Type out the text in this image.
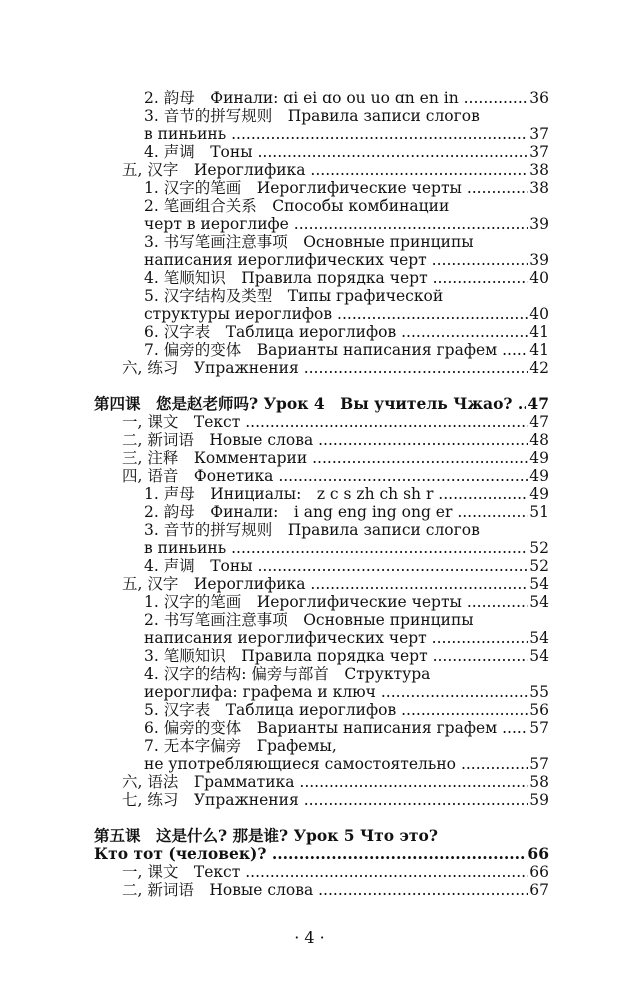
2. 韵母　Финали: ɑi ei ɑo ou uo ɑn en in .....	36
3. 音节的拼写规则　Правила записи слогов
в пиньинь .....	37
4. 声调　Тоны .....	37
五, 汉字　Иероглифика .....	38
1. 汉字的笔画　Иероглифические черты .....	38
2. 笔画组合关系　Способы комбинации
черт в иероглифе .....	39
3. 书写笔画注意事项　Основные принципы
написания иероглифических черт .....	39
4. 笔顺知识　Правила порядка черт .....	40
5. 汉字结构及类型　Типы графической
структуры иероглифов .....	40
6. 汉字表　Таблица иероглифов .....	41
7. 偏旁的变体　Варианты написания графем .....	41
六, 练习　Упражнения .....	42
第四课　您是赵老师吗? Урок 4　Вы учитель Чжао? ..... 47
一, 课文　Текст .....	47
二, 新词语　Новые слова .....	48
三, 注释　Комментарии .....	49
四, 语音　Фонетика .....	49
1. 声母　Инициалы:　z c s zh ch sh r .....	49
2. 韵母　Финали:　i ang eng ing ong er .....	51
3. 音节的拼写规则　Правила записи слогов
в пиньинь .....	52
4. 声调　Тоны .....	52
五, 汉字　Иероглифика .....	54
1. 汉字的笔画　Иероглифические черты .....	54
2. 书写笔画注意事项　Основные принципы
написания иероглифических черт .....	54
3. 笔顺知识　Правила порядка черт .....	54
4. 汉字的结构: 偏旁与部首　Структура
иероглифа: графема и ключ .....	55
5. 汉字表　Таблица иероглифов .....	56
6. 偏旁的变体　Варианты написания графем .....	57
7. 无本字偏旁　Графемы,
не употребляющиеся самостоятельно .....	57
六, 语法　Грамматика .....	58
七, 练习　Упражнения .....	59
第五课　这是什么? 那是谁? Урок 5 Что это?
Кто тот (человек)? .....	66
一, 课文　Текст .....	66
二, 新词语　Новые слова .....	67
· 4 ·
